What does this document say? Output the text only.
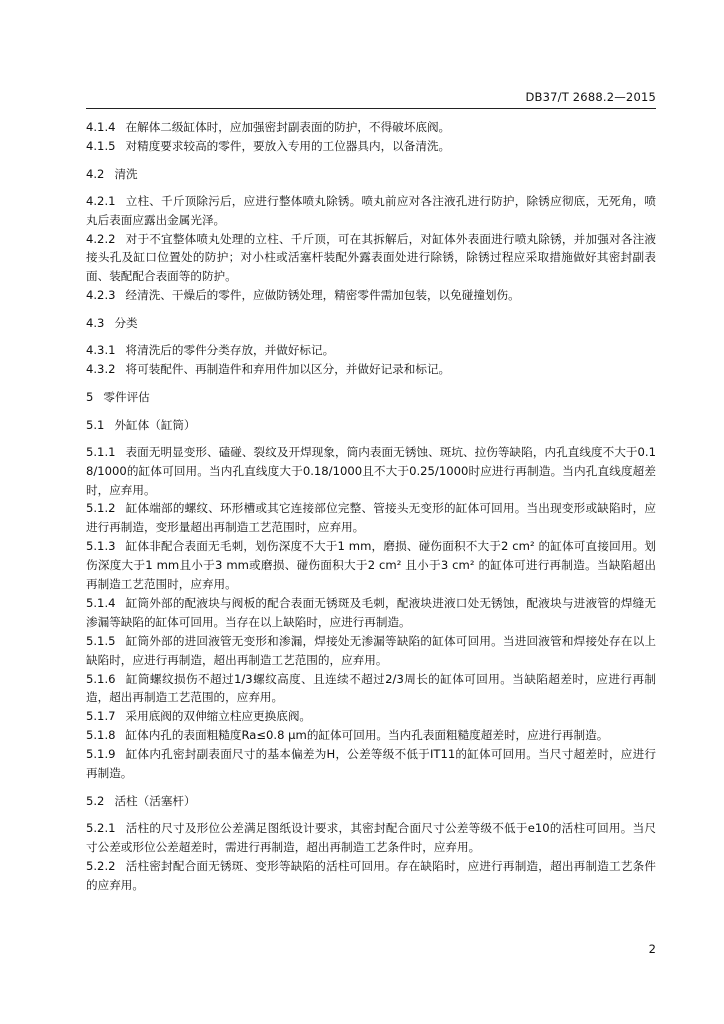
DB37/T 2688.2—2015

4.1.4 在解体二级缸体时，应加强密封副表面的防护，不得破坏底阀。

4.1.5 对精度要求较高的零件，要放入专用的工位器具内，以备清洗。

4.2 清洗

4.2.1 立柱、千斤顶除污后，应进行整体喷丸除锈。喷丸前应对各注液孔进行防护，除锈应彻底，无死角，喷丸后表面应露出金属光泽。

4.2.2 对于不宜整体喷丸处理的立柱、千斤顶，可在其拆解后，对缸体外表面进行喷丸除锈，并加强对各注液接头孔及缸口位置处的防护；对小柱或活塞杆装配外露表面处进行除锈，除锈过程应采取措施做好其密封副表面、装配配合表面等的防护。

4.2.3 经清洗、干燥后的零件，应做防锈处理，精密零件需加包装，以免碰撞划伤。

4.3 分类

4.3.1 将清洗后的零件分类存放，并做好标记。

4.3.2 将可装配件、再制造件和弃用件加以区分，并做好记录和标记。

5 零件评估

5.1 外缸体（缸筒）

5.1.1 表面无明显变形、磕碰、裂纹及开焊现象，筒内表面无锈蚀、斑坑、拉伤等缺陷，内孔直线度不大于0.18/1000的缸体可回用。当内孔直线度大于0.18/1000且不大于0.25/1000时应进行再制造。当内孔直线度超差时，应弃用。

5.1.2 缸体端部的螺纹、环形槽或其它连接部位完整、管接头无变形的缸体可回用。当出现变形或缺陷时，应进行再制造，变形量超出再制造工艺范围时，应弃用。

5.1.3 缸体非配合表面无毛刺，划伤深度不大于1 mm，磨损、碰伤面积不大于2 cm² 的缸体可直接回用。划伤深度大于1 mm且小于3 mm或磨损、碰伤面积大于2 cm² 且小于3 cm² 的缸体可进行再制造。当缺陷超出再制造工艺范围时，应弃用。

5.1.4 缸筒外部的配液块与阀板的配合表面无锈斑及毛刺，配液块进液口处无锈蚀，配液块与进液管的焊缝无渗漏等缺陷的缸体可回用。当存在以上缺陷时，应进行再制造。

5.1.5 缸筒外部的进回液管无变形和渗漏，焊接处无渗漏等缺陷的缸体可回用。当进回液管和焊接处存在以上缺陷时，应进行再制造，超出再制造工艺范围的，应弃用。

5.1.6 缸筒螺纹损伤不超过1/3螺纹高度、且连续不超过2/3周长的缸体可回用。当缺陷超差时，应进行再制造，超出再制造工艺范围的，应弃用。

5.1.7 采用底阀的双伸缩立柱应更换底阀。

5.1.8 缸体内孔的表面粗糙度Ra≤0.8 μm的缸体可回用。当内孔表面粗糙度超差时，应进行再制造。

5.1.9 缸体内孔密封副表面尺寸的基本偏差为H，公差等级不低于IT11的缸体可回用。当尺寸超差时，应进行再制造。

5.2 活柱（活塞杆）

5.2.1 活柱的尺寸及形位公差满足图纸设计要求，其密封配合面尺寸公差等级不低于e10的活柱可回用。当尺寸公差或形位公差超差时，需进行再制造，超出再制造工艺条件时，应弃用。

5.2.2 活柱密封配合面无锈斑、变形等缺陷的活柱可回用。存在缺陷时，应进行再制造，超出再制造工艺条件的应弃用。

2
